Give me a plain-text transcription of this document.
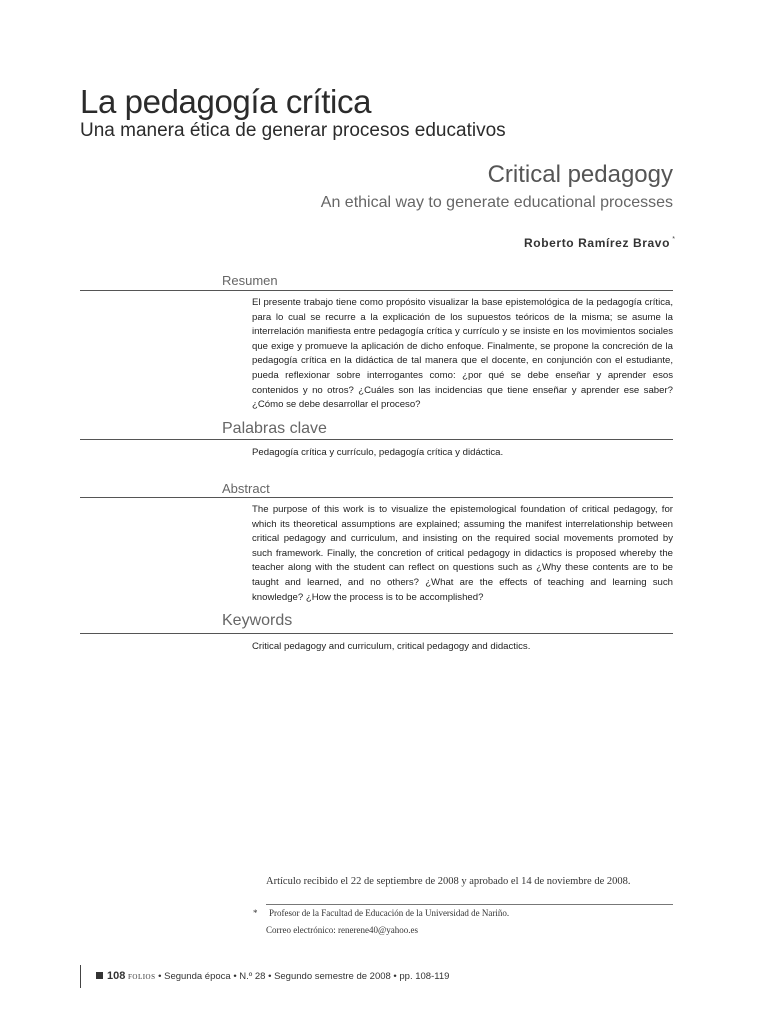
La pedagogía crítica
Una manera ética de generar procesos educativos
Critical pedagogy
An ethical way to generate educational processes
Roberto Ramírez Bravo *
Resumen
El presente trabajo tiene como propósito visualizar la base epistemológica de la pedagogía crítica, para lo cual se recurre a la explicación de los supuestos teóricos de la misma; se asume la interrelación manifiesta entre pedagogía crítica y currículo y se insiste en los movimientos sociales que exige y promueve la aplicación de dicho enfoque. Finalmente, se propone la concreción de la pedagogía crítica en la didáctica de tal manera que el docente, en conjunción con el estudiante, pueda reflexionar sobre interrogantes como: ¿por qué se debe enseñar y aprender esos contenidos y no otros? ¿Cuáles son las incidencias que tiene enseñar y aprender ese saber? ¿Cómo se debe desarrollar el proceso?
Palabras clave
Pedagogía crítica y currículo, pedagogía crítica y didáctica.
Abstract
The purpose of this work is to visualize the epistemological foundation of critical pedagogy, for which its theoretical assumptions are explained; assuming the manifest interrelationship between critical pedagogy and curriculum, and insisting on the required social movements promoted by such framework. Finally, the concretion of critical pedagogy in didactics is proposed whereby the teacher along with the student can reflect on questions such as ¿Why these contents are to be taught and learned, and no others? ¿What are the effects of teaching and learning such knowledge? ¿How the process is to be accomplished?
Keywords
Critical pedagogy and curriculum, critical pedagogy and didactics.
Artículo recibido el 22 de septiembre de 2008 y aprobado el 14 de noviembre de 2008.
* Profesor de la Facultad de Educación de la Universidad de Nariño.
Correo electrónico: renerene40@yahoo.es
108 FOLIOS • Segunda época • N.º 28 • Segundo semestre de 2008 • pp. 108-119
